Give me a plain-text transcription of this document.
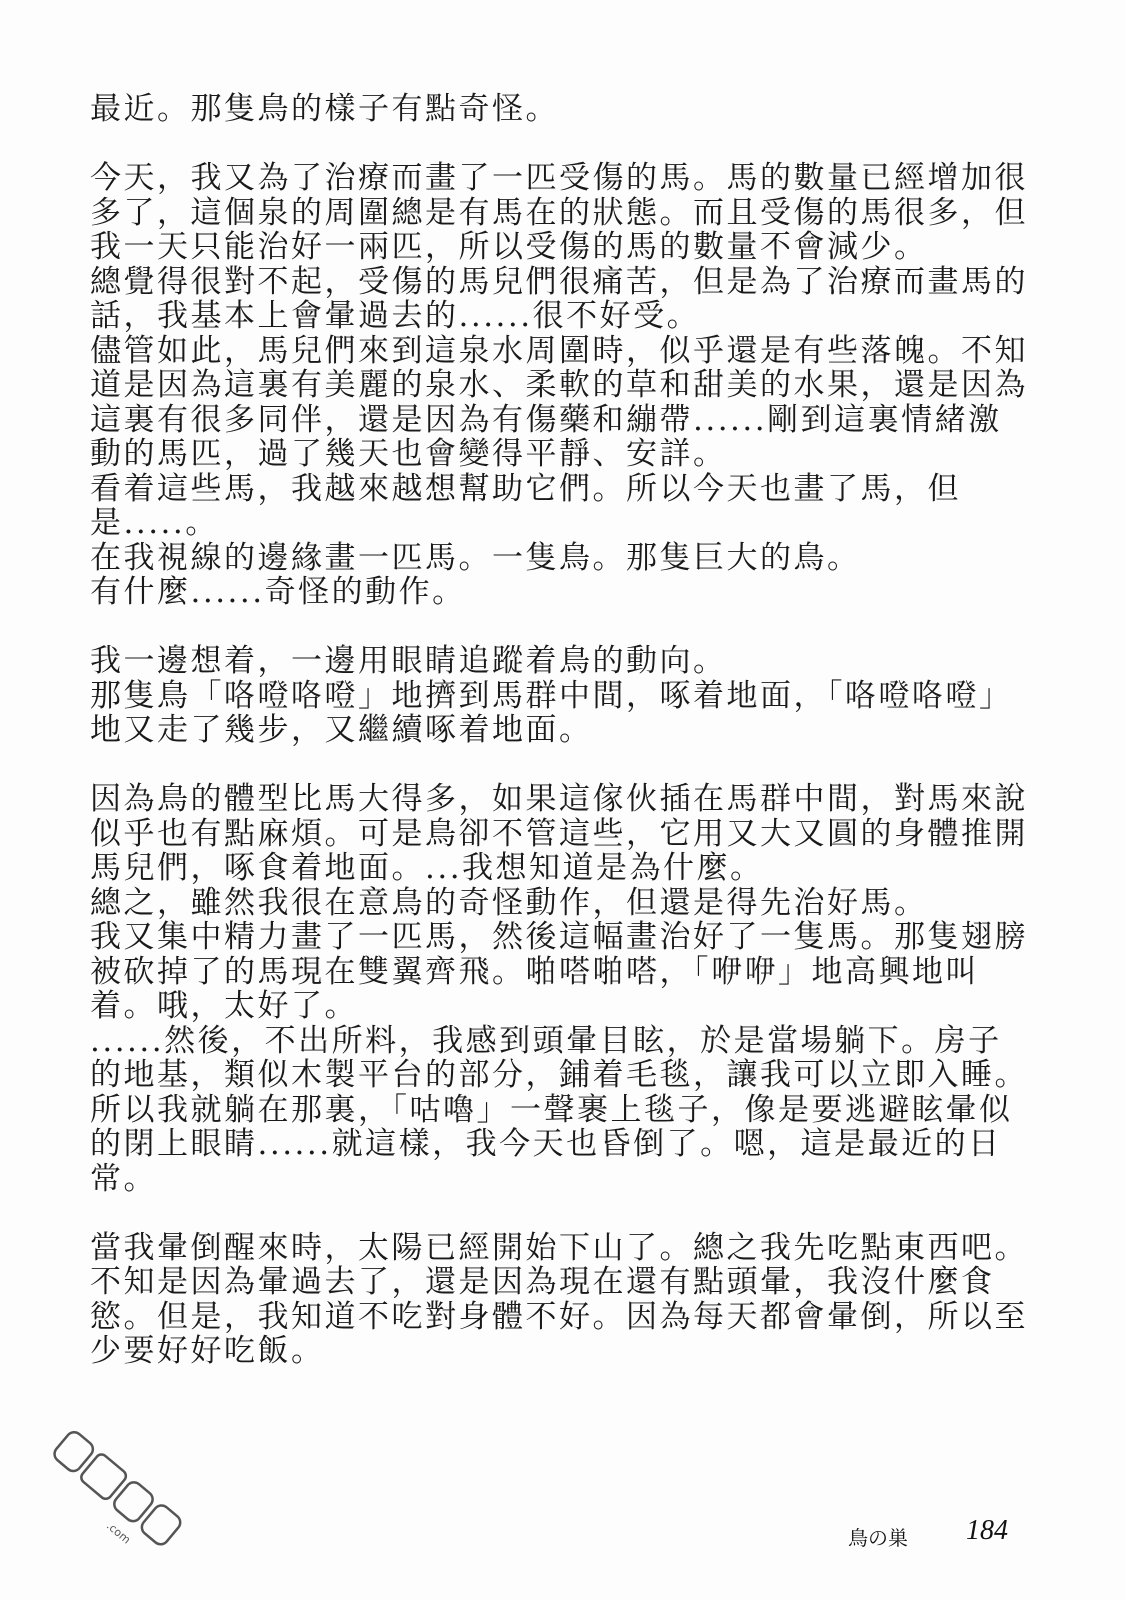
最近。那隻鳥的樣子有點奇怪。
今天，我又為了治療而畫了一匹受傷的馬。馬的數量已經增加很
多了，這個泉的周圍總是有馬在的狀態。而且受傷的馬很多，但
我一天只能治好一兩匹，所以受傷的馬的數量不會減少。
總覺得很對不起，受傷的馬兒們很痛苦，但是為了治療而畫馬的
話，我基本上會暈過去的......很不好受。
儘管如此，馬兒們來到這泉水周圍時，似乎還是有些落魄。不知
道是因為這裏有美麗的泉水、柔軟的草和甜美的水果，還是因為
這裏有很多同伴，還是因為有傷藥和繃帶......剛到這裏情緒激
動的馬匹，過了幾天也會變得平靜、安詳。
看着這些馬，我越來越想幫助它們。所以今天也畫了馬，但
是.....。
在我視線的邊緣畫一匹馬。一隻鳥。那隻巨大的鳥。
有什麼......奇怪的動作。
我一邊想着，一邊用眼睛追蹤着鳥的動向。
那隻鳥「咯噔咯噔」地擠到馬群中間，啄着地面，「咯噔咯噔」
地又走了幾步，又繼續啄着地面。
因為鳥的體型比馬大得多，如果這傢伙插在馬群中間，對馬來說
似乎也有點麻煩。可是鳥卻不管這些，它用又大又圓的身體推開
馬兒們，啄食着地面。...我想知道是為什麼。
總之，雖然我很在意鳥的奇怪動作，但還是得先治好馬。
我又集中精力畫了一匹馬，然後這幅畫治好了一隻馬。那隻翅膀
被砍掉了的馬現在雙翼齊飛。啪嗒啪嗒，「咿咿」地高興地叫
着。哦，太好了。
......然後，不出所料，我感到頭暈目眩，於是當場躺下。房子
的地基，類似木製平台的部分，鋪着毛毯，讓我可以立即入睡。
所以我就躺在那裏，「咕嚕」一聲裹上毯子，像是要逃避眩暈似
的閉上眼睛......就這樣，我今天也昏倒了。嗯，這是最近的日
常。
當我暈倒醒來時，太陽已經開始下山了。總之我先吃點東西吧。
不知是因為暈過去了，還是因為現在還有點頭暈，我沒什麼食
慾。但是，我知道不吃對身體不好。因為每天都會暈倒，所以至
少要好好吃飯。
鳥の巣 184
.com
